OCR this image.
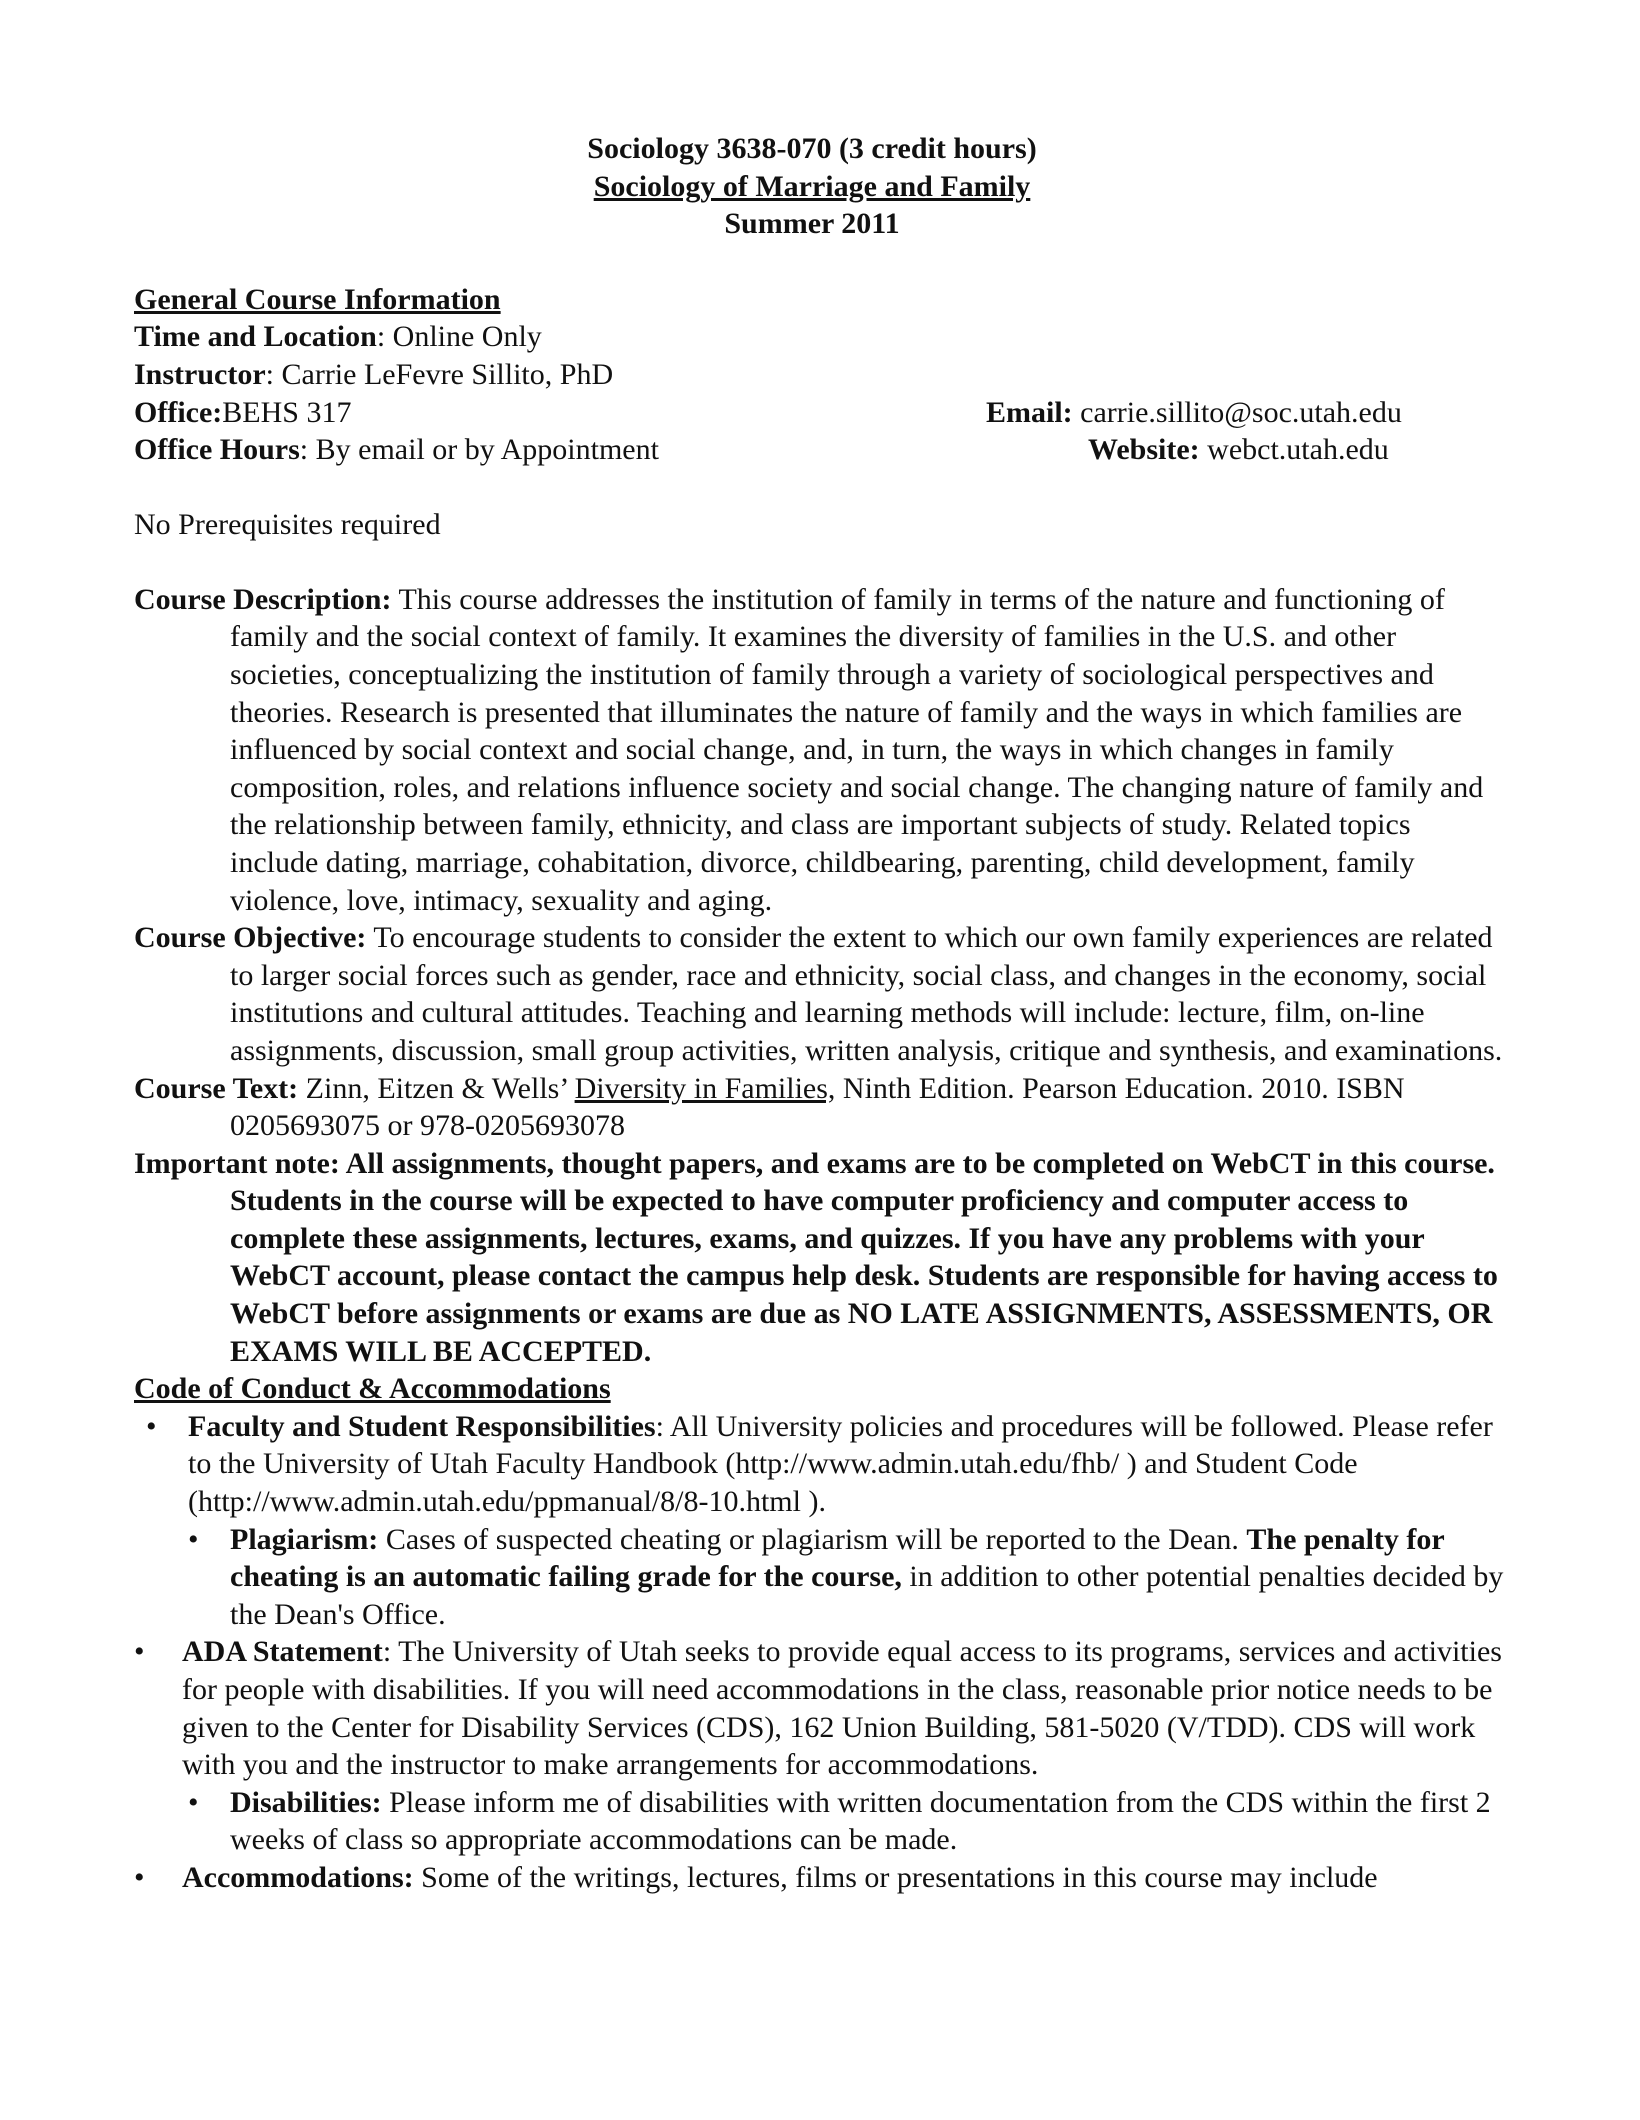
Sociology 3638-070 (3 credit hours)
Sociology of Marriage and Family
Summer 2011
General Course Information
Time and Location: Online Only
Instructor: Carrie LeFevre Sillito, PhD
Office:BEHS 317	Email: carrie.sillito@soc.utah.edu
Office Hours: By email or by Appointment	Website: webct.utah.edu
No Prerequisites required
Course Description: This course addresses the institution of family in terms of the nature and functioning of family and the social context of family. It examines the diversity of families in the U.S. and other societies, conceptualizing the institution of family through a variety of sociological perspectives and theories. Research is presented that illuminates the nature of family and the ways in which families are influenced by social context and social change, and, in turn, the ways in which changes in family composition, roles, and relations influence society and social change. The changing nature of family and the relationship between family, ethnicity, and class are important subjects of study. Related topics include dating, marriage, cohabitation, divorce, childbearing, parenting, child development, family violence, love, intimacy, sexuality and aging.
Course Objective: To encourage students to consider the extent to which our own family experiences are related to larger social forces such as gender, race and ethnicity, social class, and changes in the economy, social institutions and cultural attitudes. Teaching and learning methods will include: lecture, film, on-line assignments, discussion, small group activities, written analysis, critique and synthesis, and examinations.
Course Text: Zinn, Eitzen & Wells’ Diversity in Families, Ninth Edition. Pearson Education. 2010. ISBN 0205693075 or 978-0205693078
Important note: All assignments, thought papers, and exams are to be completed on WebCT in this course. Students in the course will be expected to have computer proficiency and computer access to complete these assignments, lectures, exams, and quizzes. If you have any problems with your WebCT account, please contact the campus help desk. Students are responsible for having access to WebCT before assignments or exams are due as NO LATE ASSIGNMENTS, ASSESSMENTS, OR EXAMS WILL BE ACCEPTED.
Code of Conduct & Accommodations
• Faculty and Student Responsibilities: All University policies and procedures will be followed. Please refer to the University of Utah Faculty Handbook (http://www.admin.utah.edu/fhb/ ) and Student Code (http://www.admin.utah.edu/ppmanual/8/8-10.html ).
• Plagiarism: Cases of suspected cheating or plagiarism will be reported to the Dean. The penalty for cheating is an automatic failing grade for the course, in addition to other potential penalties decided by the Dean's Office.
• ADA Statement: The University of Utah seeks to provide equal access to its programs, services and activities for people with disabilities. If you will need accommodations in the class, reasonable prior notice needs to be given to the Center for Disability Services (CDS), 162 Union Building, 581-5020 (V/TDD). CDS will work with you and the instructor to make arrangements for accommodations.
• Disabilities: Please inform me of disabilities with written documentation from the CDS within the first 2 weeks of class so appropriate accommodations can be made.
• Accommodations: Some of the writings, lectures, films or presentations in this course may include
